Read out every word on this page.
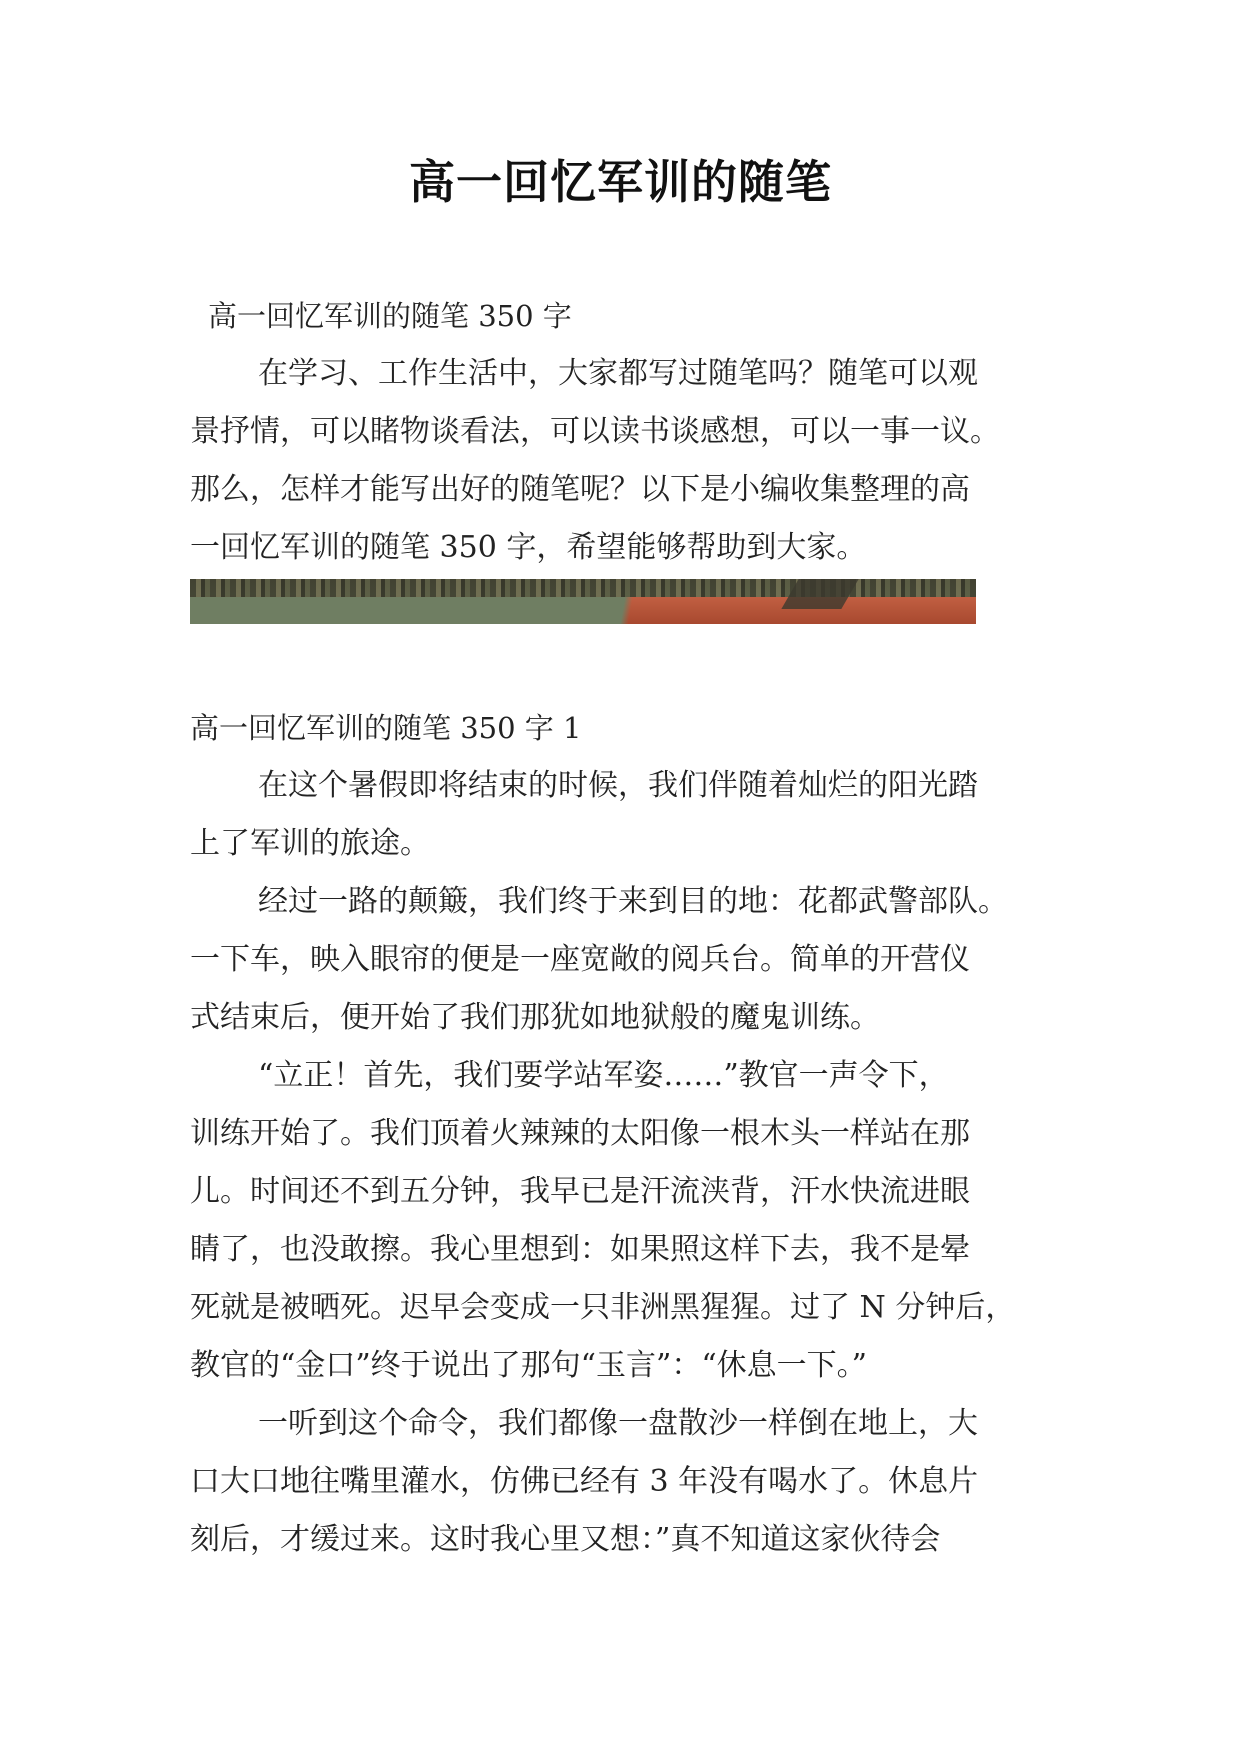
高一回忆军训的随笔
高一回忆军训的随笔 350 字
在学习、工作生活中，大家都写过随笔吗？随笔可以观
景抒情，可以睹物谈看法，可以读书谈感想，可以一事一议。
那么，怎样才能写出好的随笔呢？以下是小编收集整理的高
一回忆军训的随笔 350 字，希望能够帮助到大家。
高一回忆军训的随笔 350 字 1
在这个暑假即将结束的时候，我们伴随着灿烂的阳光踏
上了军训的旅途。
经过一路的颠簸，我们终于来到目的地：花都武警部队。
一下车，映入眼帘的便是一座宽敞的阅兵台。简单的开营仪
式结束后，便开始了我们那犹如地狱般的魔鬼训练。
“立正！首先，我们要学站军姿……”教官一声令下，
训练开始了。我们顶着火辣辣的太阳像一根木头一样站在那
儿。时间还不到五分钟，我早已是汗流浃背，汗水快流进眼
睛了，也没敢擦。我心里想到：如果照这样下去，我不是晕
死就是被晒死。迟早会变成一只非洲黑猩猩。过了 N 分钟后，
教官的“金口”终于说出了那句“玉言”：“休息一下。”
一听到这个命令，我们都像一盘散沙一样倒在地上，大
口大口地往嘴里灌水，仿佛已经有 3 年没有喝水了。休息片
刻后，才缓过来。这时我心里又想：”真不知道这家伙待会
